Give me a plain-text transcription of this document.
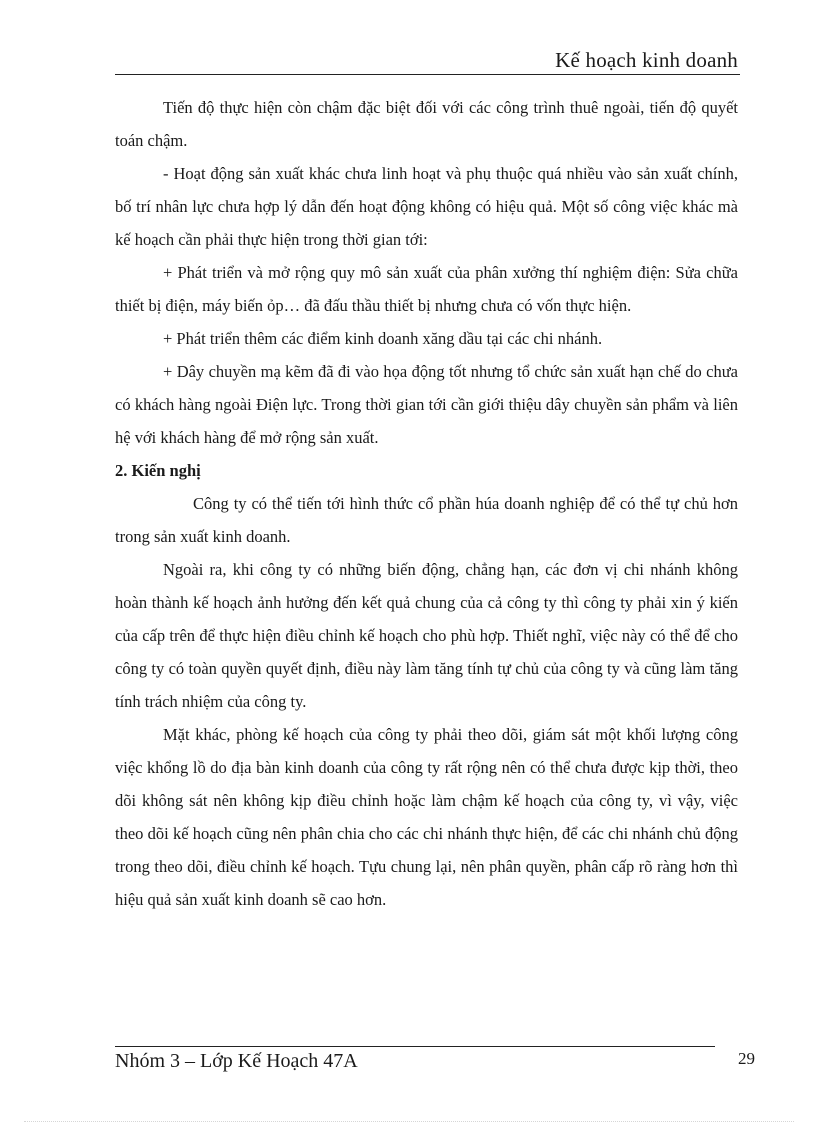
Kế hoạch kinh doanh

Tiến độ thực hiện còn chậm đặc biệt đối với các công trình thuê ngoài, tiến độ quyết toán chậm.

- Hoạt động sản xuất khác chưa linh hoạt và phụ thuộc quá nhiều vào sản xuất chính, bố trí nhân lực chưa hợp lý dẫn đến hoạt động không có hiệu quả. Một số công việc khác mà kế hoạch cần phải thực hiện trong thời gian tới:

+ Phát triển và mở rộng quy mô sản xuất của phân xưởng thí nghiệm điện: Sửa chữa thiết bị điện, máy biến ỏp… đã đấu thầu thiết bị nhưng chưa có vốn thực hiện.

+ Phát triển thêm các điểm kinh doanh xăng dầu tại các chi nhánh.

+ Dây chuyền mạ kẽm đã đi vào họa động tốt nhưng tổ chức sản xuất hạn chế do chưa có khách hàng ngoài Điện lực. Trong thời gian tới cần giới thiệu dây chuyền sản phẩm và liên hệ với khách hàng để mở rộng sản xuất.

2. Kiến nghị

Công ty có thể tiến tới hình thức cổ phần húa doanh nghiệp để có thể tự chủ hơn trong sản xuất kinh doanh.

Ngoài ra, khi công ty có những biến động, chẳng hạn, các đơn vị chi nhánh không hoàn thành kế hoạch ảnh hưởng đến kết quả chung của cả công ty thì công ty phải xin ý kiến của cấp trên để thực hiện điều chỉnh kế hoạch cho phù hợp. Thiết nghĩ, việc này có thể để cho công ty có toàn quyền quyết định, điều này làm tăng tính tự chủ của công ty và cũng làm tăng tính trách nhiệm của công ty.

Mặt khác, phòng kế hoạch của công ty phải theo dõi, giám sát một khối lượng công việc khổng lồ do địa bàn kinh doanh của công ty rất rộng nên có thể chưa được kịp thời, theo dõi không sát nên không kịp điều chỉnh hoặc làm chậm kế hoạch của công ty, vì vậy, việc theo dõi kế hoạch cũng nên phân chia cho các chi nhánh thực hiện, để các chi nhánh chủ động trong theo dõi, điều chỉnh kế hoạch. Tựu chung lại, nên phân quyền, phân cấp rõ ràng hơn thì hiệu quả sản xuất kinh doanh sẽ cao hơn.

Nhóm 3 – Lớp Kế Hoạch 47A	29
